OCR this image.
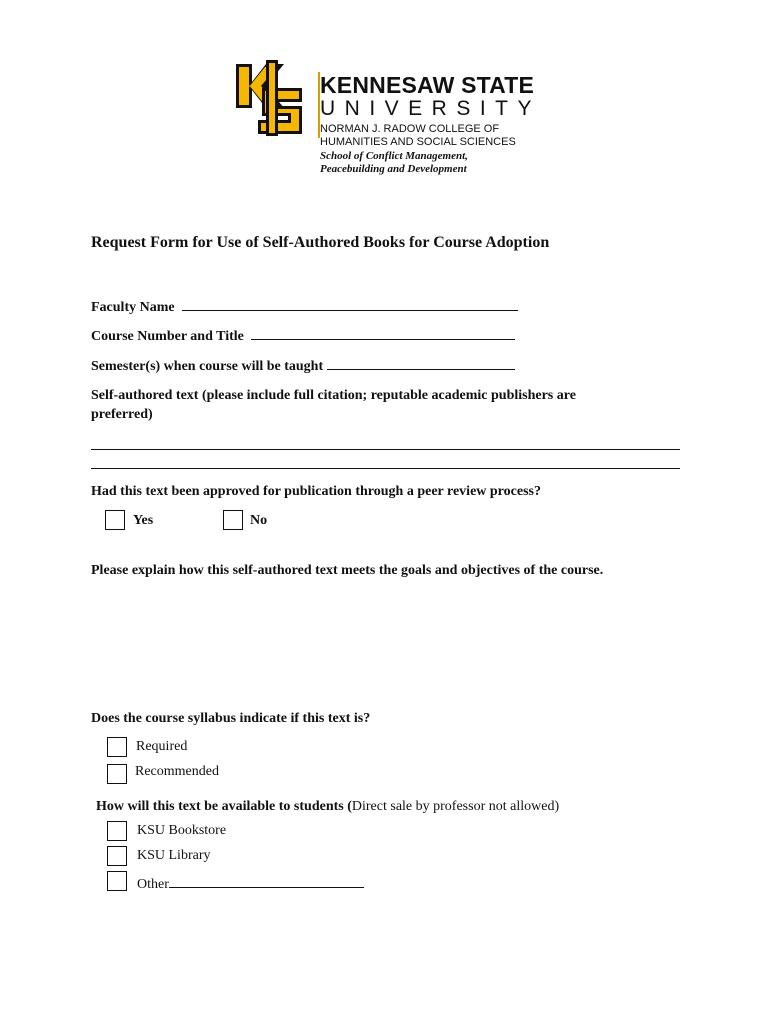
KENNESAW STATE
UNIVERSITY
NORMAN J. RADOW COLLEGE OF
HUMANITIES AND SOCIAL SCIENCES
School of Conflict Management,
Peacebuilding and Development
Request Form for Use of Self-Authored Books for Course Adoption
Faculty Name
Course Number and Title
Semester(s) when course will be taught
Self-authored text (please include full citation; reputable academic publishers are
preferred)
Had this text been approved for publication through a peer review process?
Yes	No
Please explain how this self-authored text meets the goals and objectives of the course.
Does the course syllabus indicate if this text is?
Required
Recommended
How will this text be available to students (Direct sale by professor not allowed)
KSU Bookstore
KSU Library
Other
